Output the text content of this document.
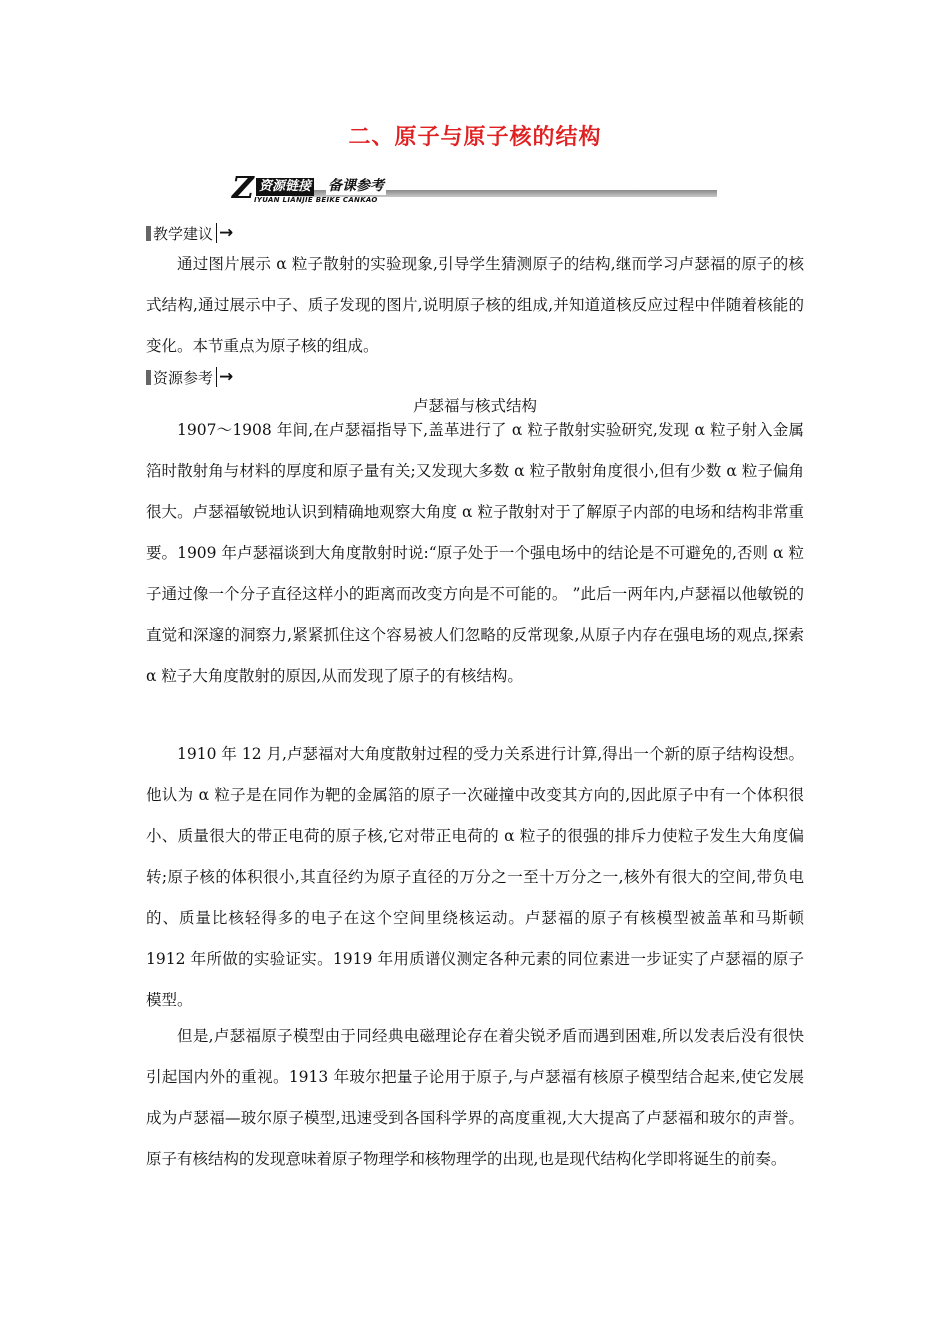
二、原子与原子核的结构
Z 资源链接 备课参考
IYUAN LIANJIE BEIKE CANKAO
教学建议 →
通过图片展示 α 粒子散射的实验现象,引导学生猜测原子的结构,继而学习卢瑟福的原子的核式结构,通过展示中子、质子发现的图片,说明原子核的组成,并知道道核反应过程中伴随着核能的变化。本节重点为原子核的组成。
资源参考 →
卢瑟福与核式结构
1907〜1908 年间,在卢瑟福指导下,盖革进行了 α 粒子散射实验研究,发现 α 粒子射入金属箔时散射角与材料的厚度和原子量有关;又发现大多数 α 粒子散射角度很小,但有少数 α 粒子偏角很大。卢瑟福敏锐地认识到精确地观察大角度 α 粒子散射对于了解原子内部的电场和结构非常重要。1909 年卢瑟福谈到大角度散射时说:“原子处于一个强电场中的结论是不可避免的,否则 α 粒子通过像一个分子直径这样小的距离而改变方向是不可能的。 ”此后一两年内,卢瑟福以他敏锐的直觉和深邃的洞察力,紧紧抓住这个容易被人们忽略的反常现象,从原子内存在强电场的观点,探索 α 粒子大角度散射的原因,从而发现了原子的有核结构。
1910 年 12 月,卢瑟福对大角度散射过程的受力关系进行计算,得出一个新的原子结构设想。他认为 α 粒子是在同作为靶的金属箔的原子一次碰撞中改变其方向的,因此原子中有一个体积很小、质量很大的带正电荷的原子核,它对带正电荷的 α 粒子的很强的排斥力使粒子发生大角度偏转;原子核的体积很小,其直径约为原子直径的万分之一至十万分之一,核外有很大的空间,带负电的、质量比核轻得多的电子在这个空间里绕核运动。卢瑟福的原子有核模型被盖革和马斯顿 1912 年所做的实验证实。1919 年用质谱仪测定各种元素的同位素进一步证实了卢瑟福的原子模型。
但是,卢瑟福原子模型由于同经典电磁理论存在着尖锐矛盾而遇到困难,所以发表后没有很快引起国内外的重视。1913 年玻尔把量子论用于原子,与卢瑟福有核原子模型结合起来,使它发展成为卢瑟福—玻尔原子模型,迅速受到各国科学界的高度重视,大大提高了卢瑟福和玻尔的声誉。原子有核结构的发现意味着原子物理学和核物理学的出现,也是现代结构化学即将诞生的前奏。
